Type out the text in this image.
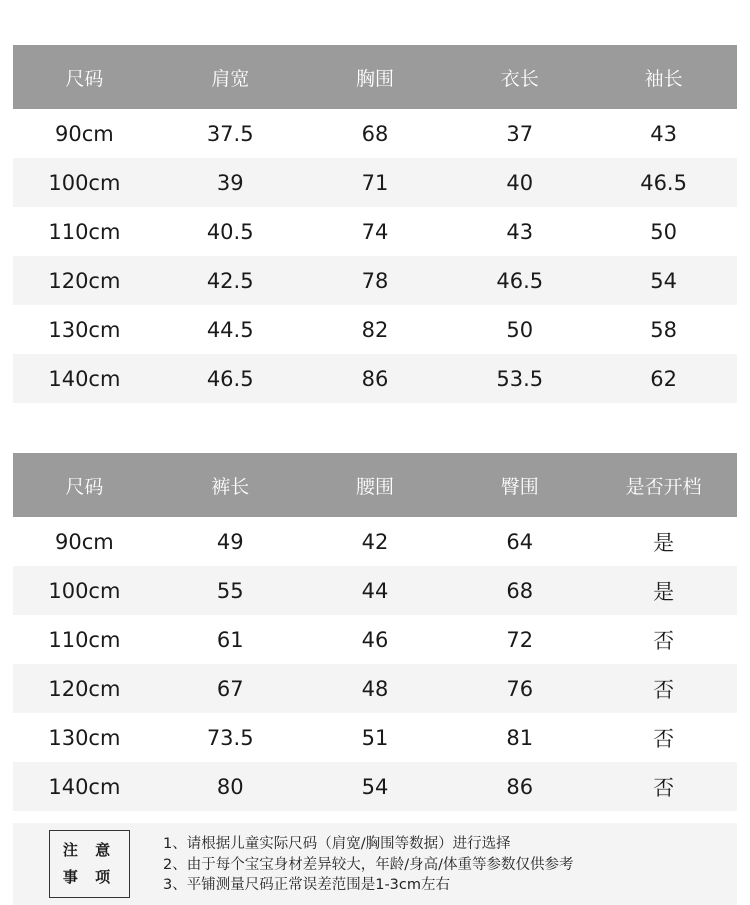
尺码	肩宽	胸围	衣长	袖长
90cm	37.5	68	37	43
100cm	39	71	40	46.5
110cm	40.5	74	43	50
120cm	42.5	78	46.5	54
130cm	44.5	82	50	58
140cm	46.5	86	53.5	62
尺码	裤长	腰围	臀围	是否开档
90cm	49	42	64	是
100cm	55	44	68	是
110cm	61	46	72	否
120cm	67	48	76	否
130cm	73.5	51	81	否
140cm	80	54	86	否
注 意
事 项
1、请根据儿童实际尺码（肩宽/胸围等数据）进行选择
2、由于每个宝宝身材差异较大，年龄/身高/体重等参数仅供参考
3、平铺测量尺码正常误差范围是1-3cm左右
